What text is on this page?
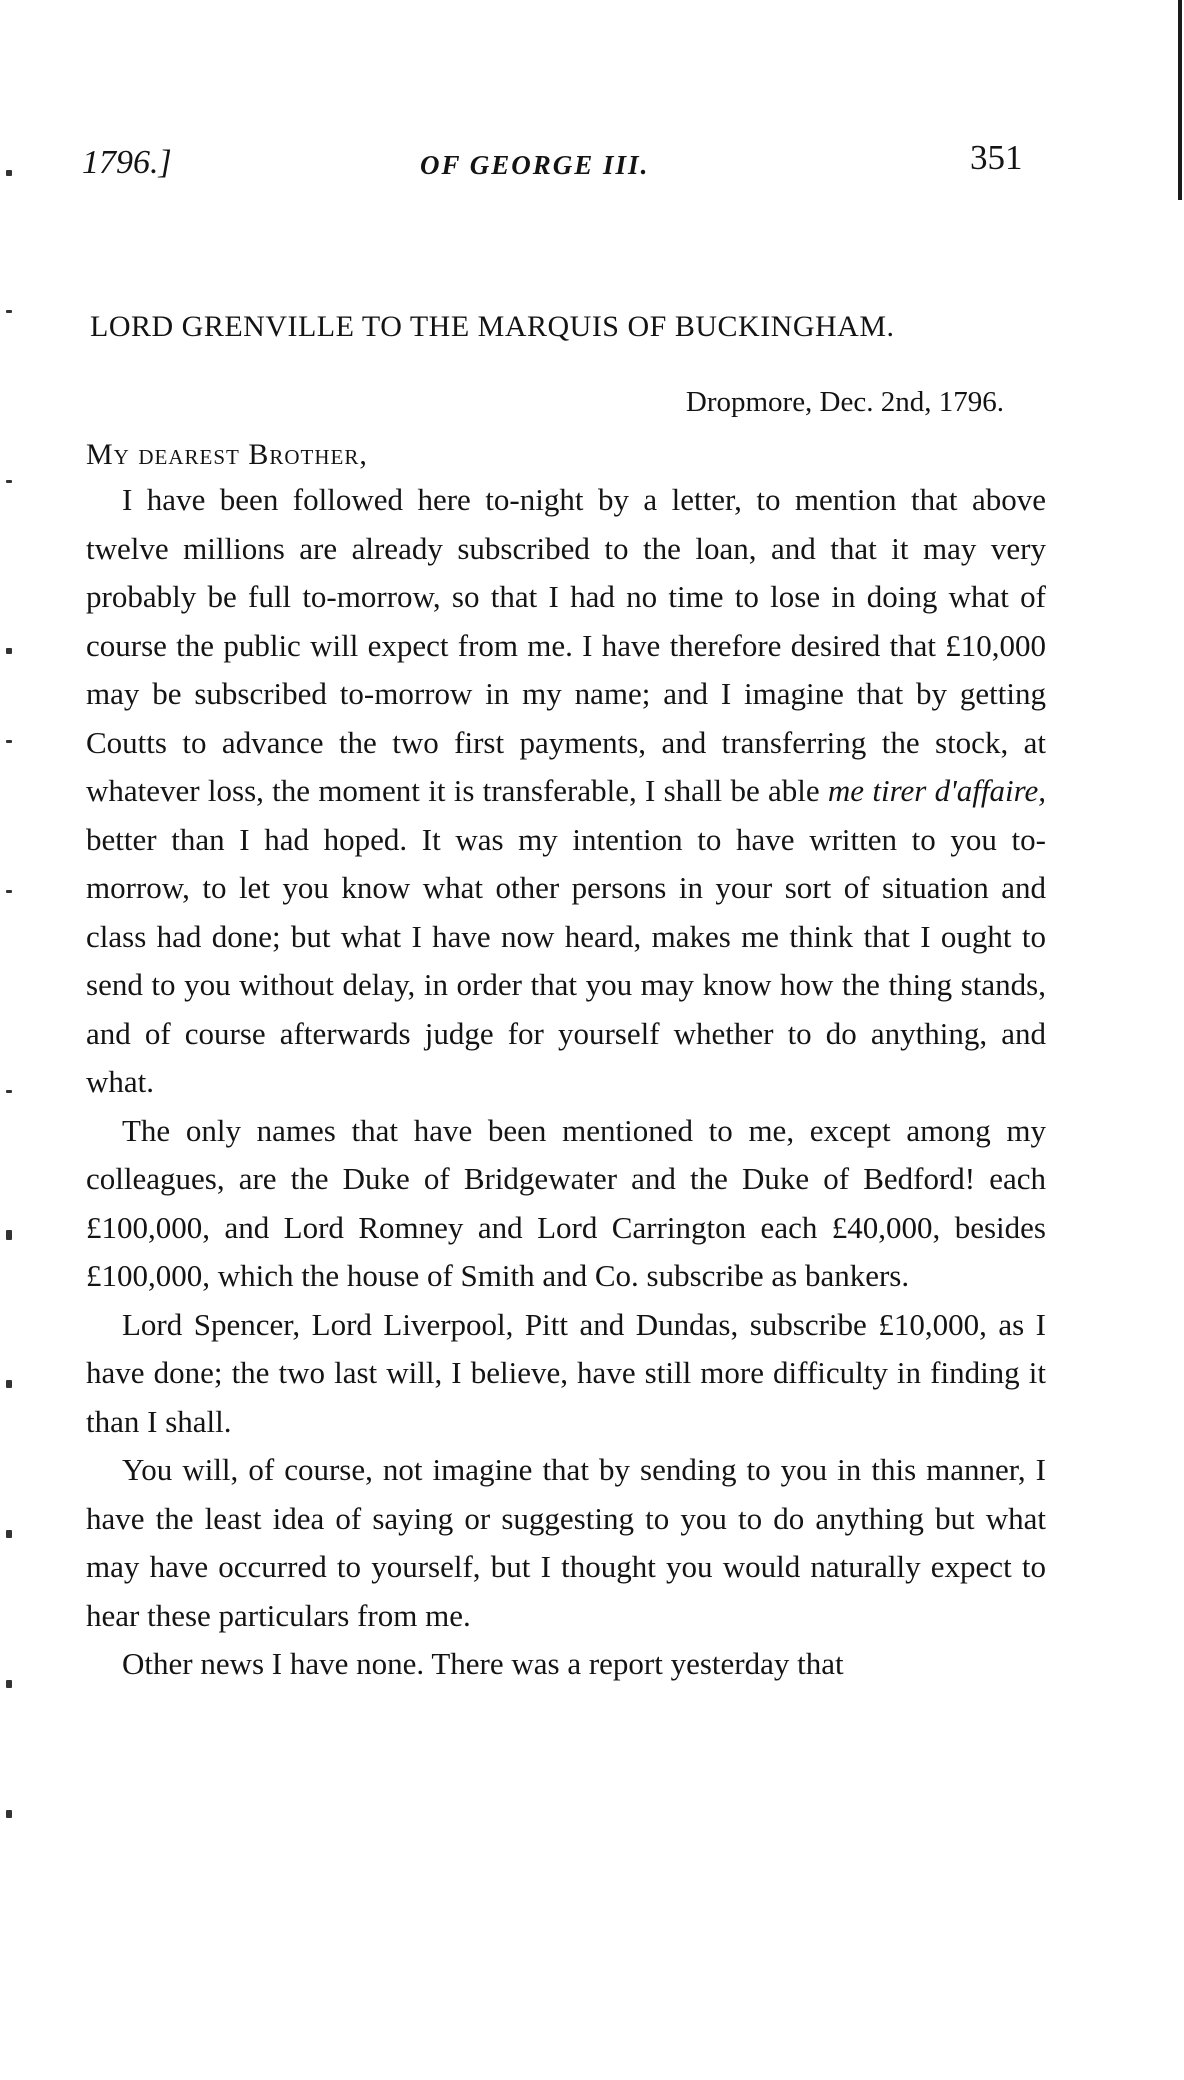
1796.]	OF GEORGE III.	351
LORD GRENVILLE TO THE MARQUIS OF BUCKINGHAM.
Dropmore, Dec. 2nd, 1796.
My dearest Brother,

I have been followed here to-night by a letter, to mention that above twelve millions are already subscribed to the loan, and that it may very probably be full to-morrow, so that I had no time to lose in doing what of course the public will expect from me. I have therefore desired that £10,000 may be subscribed to-morrow in my name; and I imagine that by getting Coutts to advance the two first payments, and transferring the stock, at whatever loss, the moment it is transferable, I shall be able me tirer d'affaire, better than I had hoped. It was my intention to have written to you to-morrow, to let you know what other persons in your sort of situation and class had done; but what I have now heard, makes me think that I ought to send to you without delay, in order that you may know how the thing stands, and of course afterwards judge for yourself whether to do anything, and what.

The only names that have been mentioned to me, except among my colleagues, are the Duke of Bridgewater and the Duke of Bedford! each £100,000, and Lord Romney and Lord Carrington each £40,000, besides £100,000, which the house of Smith and Co. subscribe as bankers.

Lord Spencer, Lord Liverpool, Pitt and Dundas, subscribe £10,000, as I have done; the two last will, I believe, have still more difficulty in finding it than I shall.

You will, of course, not imagine that by sending to you in this manner, I have the least idea of saying or suggesting to you to do anything but what may have occurred to yourself, but I thought you would naturally expect to hear these particulars from me.

Other news I have none. There was a report yesterday that
